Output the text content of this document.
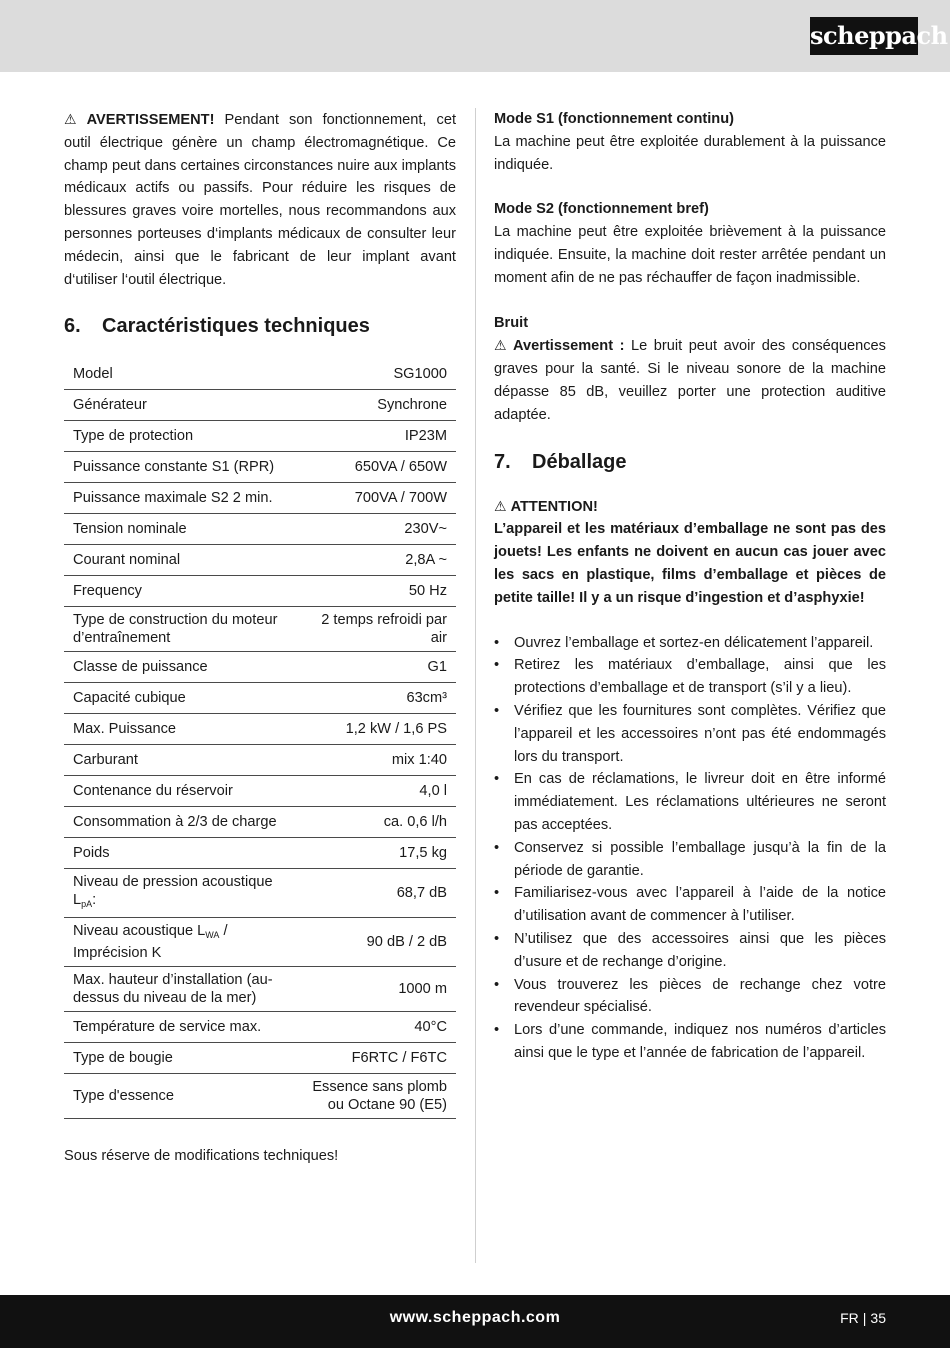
scheppach

⚠ AVERTISSEMENT! Pendant son fonctionnement, cet outil électrique génère un champ électromagnétique. Ce champ peut dans certaines circonstances nuire aux implants médicaux actifs ou passifs. Pour réduire les risques de blessures graves voire mortelles, nous recommandons aux personnes porteuses d‘implants médicaux de consulter leur médecin, ainsi que le fabricant de leur implant avant d‘utiliser l‘outil électrique.

6.	Caractéristiques techniques
Model	SG1000
Générateur	Synchrone
Type de protection	IP23M
Puissance constante S1 (RPR)	650VA / 650W
Puissance maximale S2 2 min.	700VA / 700W
Tension nominale	230V~
Courant nominal	2,8A ~
Frequency	50 Hz
Type de construction du moteur d’entraînement	2 temps refroidi par air
Classe de puissance	G1
Capacité cubique	63cm³
Max. Puissance	1,2 kW / 1,6 PS
Carburant	mix 1:40
Contenance du réservoir	4,0 l
Consommation à 2/3 de charge	ca. 0,6 l/h
Poids	17,5 kg
Niveau de pression acoustique $L_{pA}$:	68,7 dB
Niveau acoustique $L_{WA}$ / Imprécision K	90 dB / 2 dB
Max. hauteur d’installation (au-dessus du niveau de la mer)	1000 m
Température de service max.	40°C
Type de bougie	F6RTC / F6TC
Type d'essence	Essence sans plomb ou Octane 90 (E5)

Sous réserve de modifications techniques!

Mode S1 (fonctionnement continu)

La machine peut être exploitée durablement à la puissance indiquée.

Mode S2 (fonctionnement bref)

La machine peut être exploitée brièvement à la puissance indiquée. Ensuite, la machine doit rester arrêtée pendant un moment afin de ne pas réchauffer de façon inadmissible.

Bruit

⚠ Avertissement : Le bruit peut avoir des conséquences graves pour la santé. Si le niveau sonore de la machine dépasse 85 dB, veuillez porter une protection auditive adaptée.

7.	Déballage
⚠ ATTENTION!

L’appareil et les matériaux d’emballage ne sont pas des jouets! Les enfants ne doivent en aucun cas jouer avec les sacs en plastique, films d’emballage et pièces de petite taille! Il y a un risque d’ingestion et d’asphyxie!

• Ouvrez l’emballage et sortez-en délicatement l’appareil.
• Retirez les matériaux d’emballage, ainsi que les protections d’emballage et de transport (s’il y a lieu).
• Vérifiez que les fournitures sont complètes. Vérifiez que l’appareil et les accessoires n’ont pas été endommagés lors du transport.
• En cas de réclamations, le livreur doit en être informé immédiatement. Les réclamations ultérieures ne seront pas acceptées.
• Conservez si possible l’emballage jusqu’à la fin de la période de garantie.
• Familiarisez-vous avec l’appareil à l’aide de la notice d’utilisation avant de commencer à l’utiliser.
• N’utilisez que des accessoires ainsi que les pièces d’usure et de rechange d’origine.
• Vous trouverez les pièces de rechange chez votre revendeur spécialisé.
• Lors d’une commande, indiquez nos numéros d’articles ainsi que le type et l’année de fabrication de l’appareil.
www.scheppach.com	FR | 35
